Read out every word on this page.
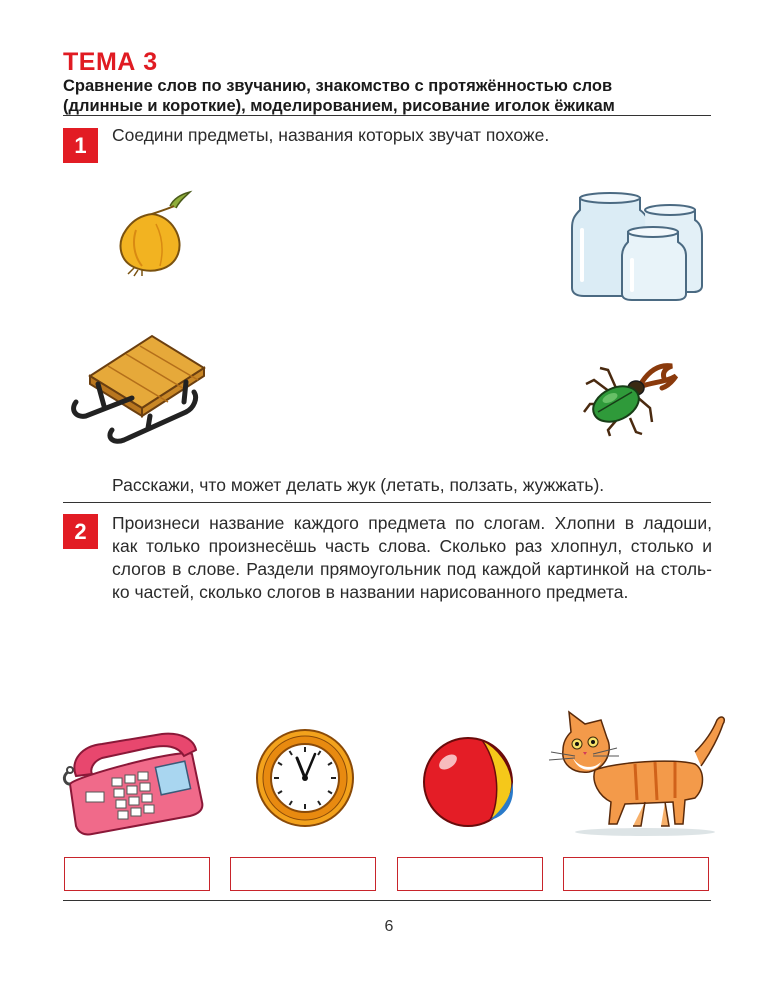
ТЕМА 3
Сравнение слов по звучанию, знакомство с протяжённостью слов
(длинные и короткие), моделированием, рисование иголок ёжикам
1	Соедини предметы, названия которых звучат похоже.
Расскажи, что может делать жук (летать, ползать, жужжать).
2	Произнеси название каждого предмета по слогам. Хлопни в ладоши,
как только произнесёшь часть слова. Сколько раз хлопнул, столько и
слогов в слове. Раздели прямоугольник под каждой картинкой на столь-
ко частей, сколько слогов в названии нарисованного предмета.
6
